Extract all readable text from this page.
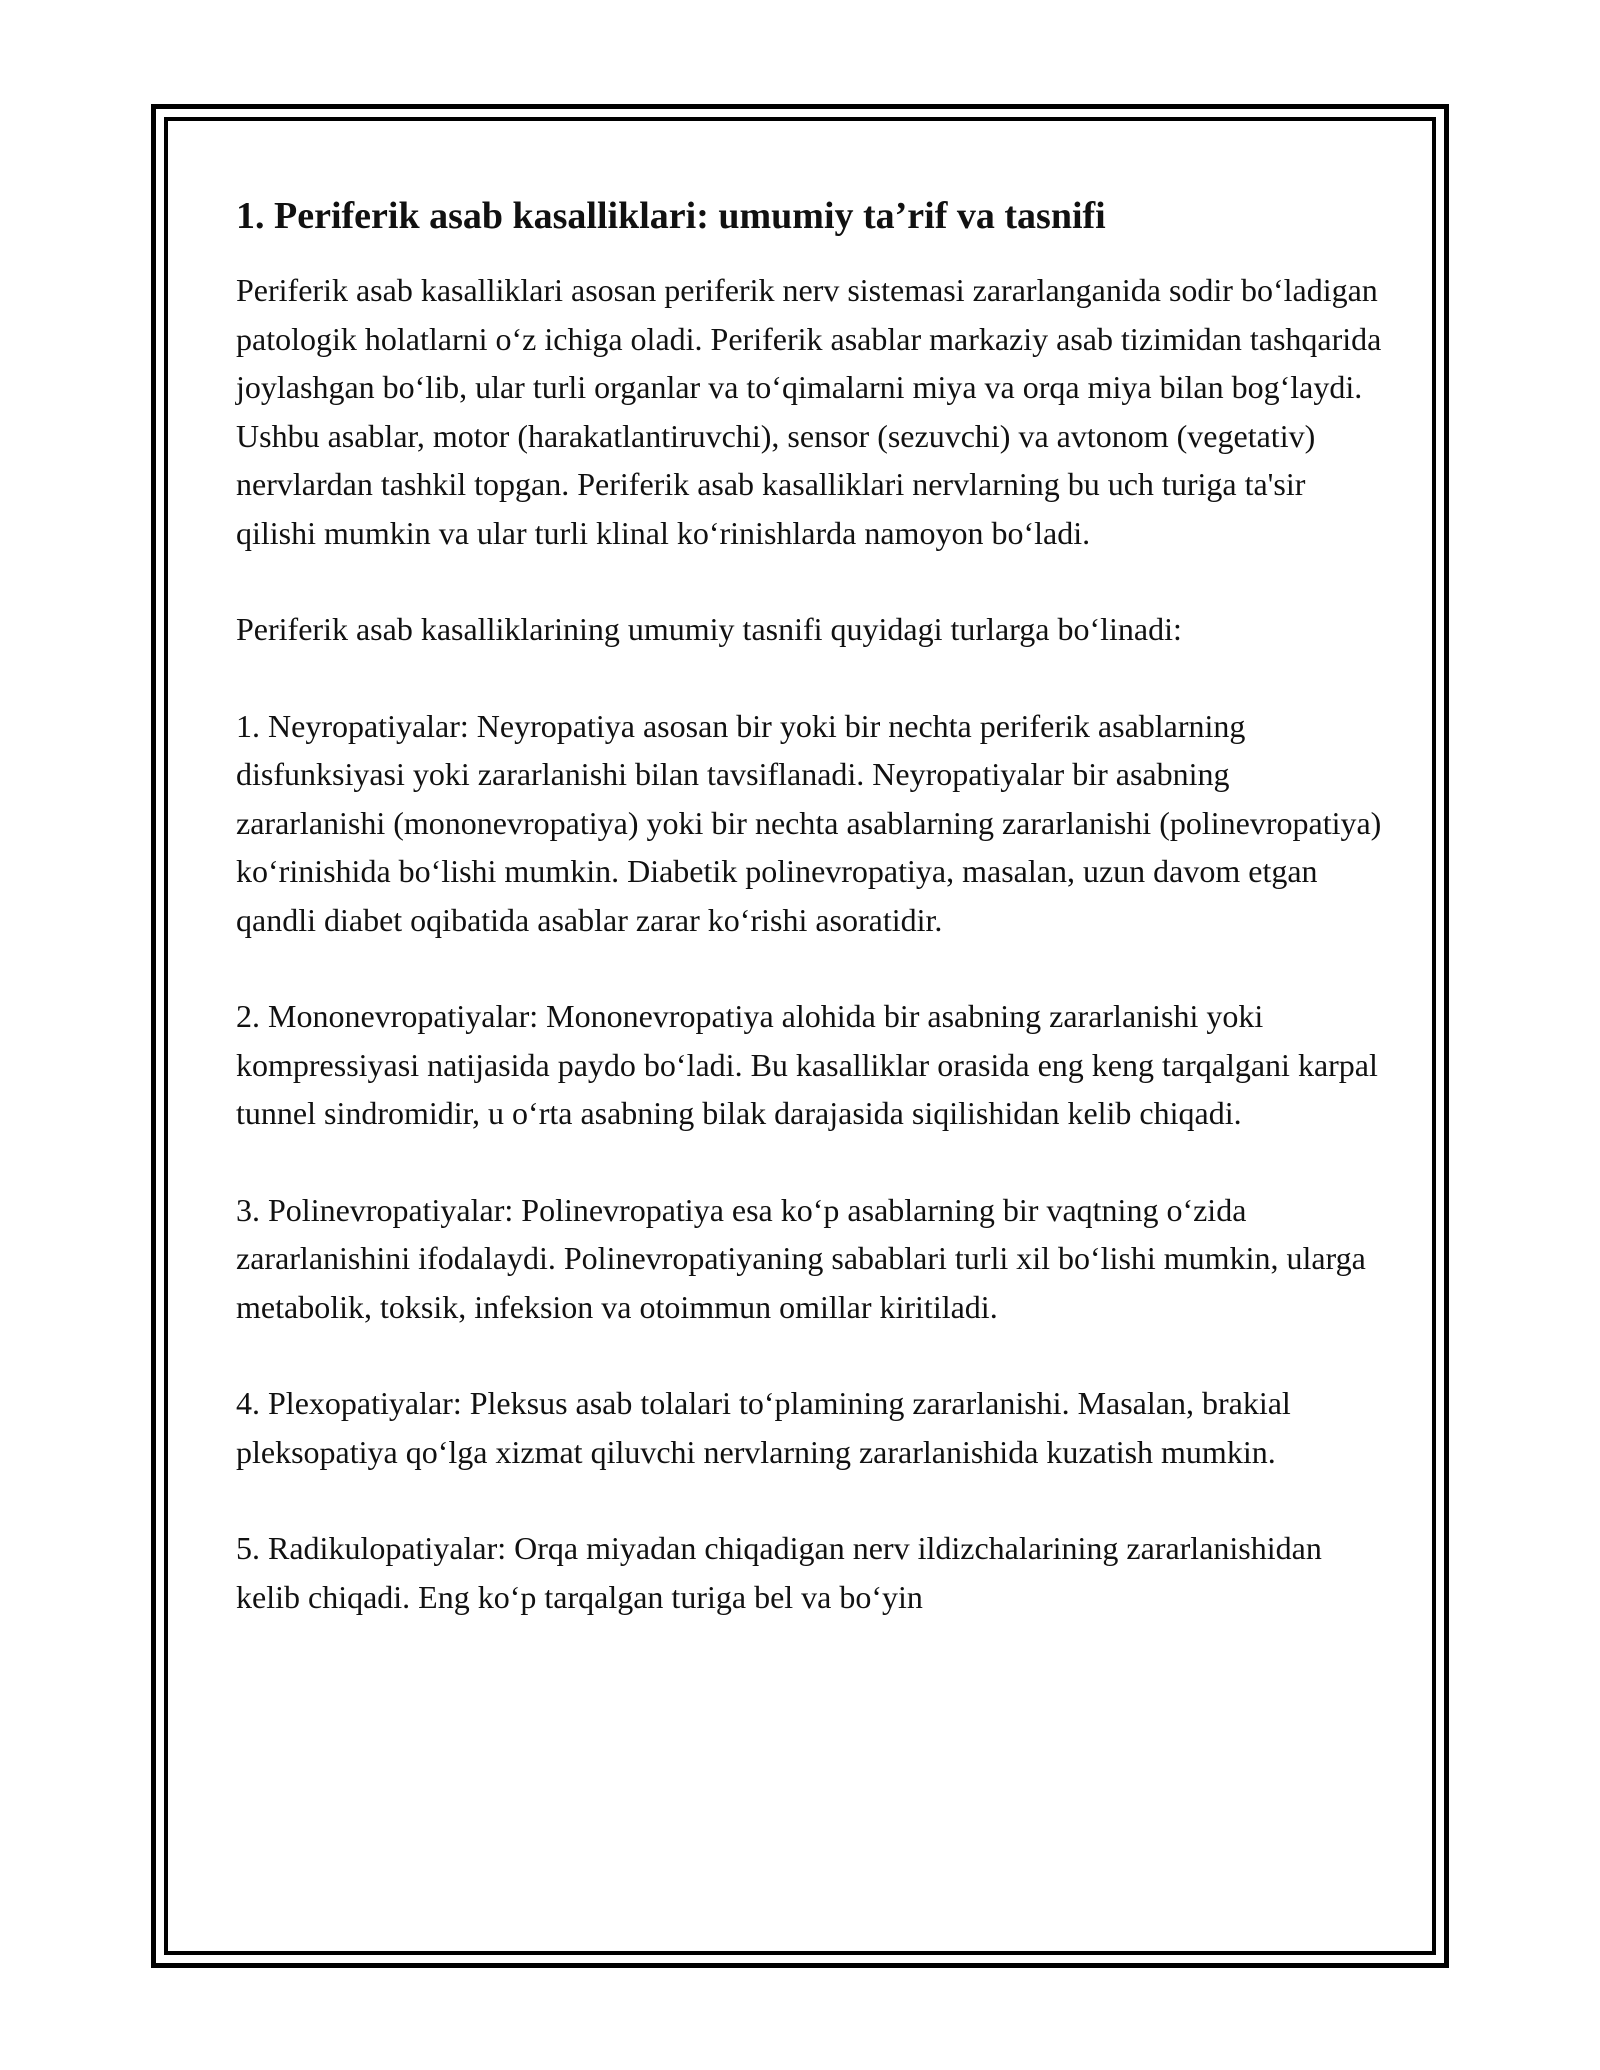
1. Periferik asab kasalliklari: umumiy ta’rif va tasnifi

Periferik asab kasalliklari asosan periferik nerv sistemasi zararlanganida sodir boʻladigan patologik holatlarni oʻz ichiga oladi. Periferik asablar markaziy asab tizimidan tashqarida joylashgan boʻlib, ular turli organlar va toʻqimalarni miya va orqa miya bilan bogʻlaydi. Ushbu asablar, motor (harakatlantiruvchi), sensor (sezuvchi) va avtonom (vegetativ) nervlardan tashkil topgan. Periferik asab kasalliklari nervlarning bu uch turiga ta'sir qilishi mumkin va ular turli klinal koʻrinishlarda namoyon boʻladi.

Periferik asab kasalliklarining umumiy tasnifi quyidagi turlarga boʻlinadi:

1. Neyropatiyalar: Neyropatiya asosan bir yoki bir nechta periferik asablarning disfunksiyasi yoki zararlanishi bilan tavsiflanadi. Neyropatiyalar bir asabning zararlanishi (mononevropatiya) yoki bir nechta asablarning zararlanishi (polinevropatiya) koʻrinishida boʻlishi mumkin. Diabetik polinevropatiya, masalan, uzun davom etgan qandli diabet oqibatida asablar zarar koʻrishi asoratidir.

2. Mononevropatiyalar: Mononevropatiya alohida bir asabning zararlanishi yoki kompressiyasi natijasida paydo boʻladi. Bu kasalliklar orasida eng keng tarqalgani karpal tunnel sindromidir, u oʻrta asabning bilak darajasida siqilishidan kelib chiqadi.

3. Polinevropatiyalar: Polinevropatiya esa koʻp asablarning bir vaqtning oʻzida zararlanishini ifodalaydi. Polinevropatiyaning sabablari turli xil boʻlishi mumkin, ularga metabolik, toksik, infeksion va otoimmun omillar kiritiladi.

4. Plexopatiyalar: Pleksus asab tolalari toʻplamining zararlanishi. Masalan, brakial pleksopatiya qoʻlga xizmat qiluvchi nervlarning zararlanishida kuzatish mumkin.

5. Radikulopatiyalar: Orqa miyadan chiqadigan nerv ildizchalarining zararlanishidan kelib chiqadi. Eng koʻp tarqalgan turiga bel va boʻyin
